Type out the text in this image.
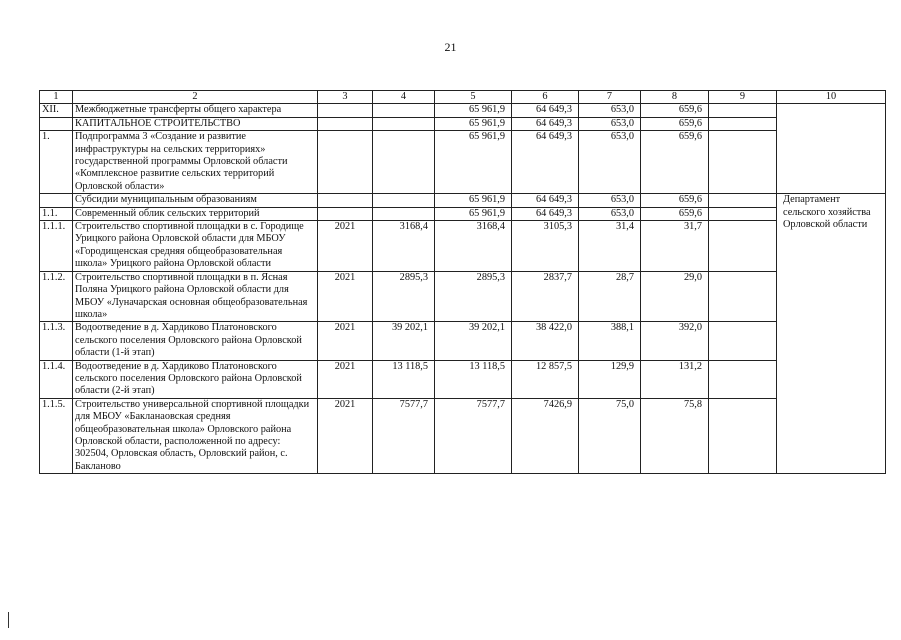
21
1	2	3	4	5	6	7	8	9	10
XII.	Межбюджетные трансферты общего характера			65 961,9	64 649,3	653,0	659,6		
	КАПИТАЛЬНОЕ СТРОИТЕЛЬСТВО			65 961,9	64 649,3	653,0	659,6		
1.	Подпрограмма 3 «Создание и развитие инфраструктуры на сельских территориях» государственной программы Орловской области «Комплексное развитие сельских территорий Орловской области»			65 961,9	64 649,3	653,0	659,6		
	Субсидии муниципальным образованиям			65 961,9	64 649,3	653,0	659,6		Департамент сельского хозяйства Орловской области
1.1.	Современный облик сельских территорий			65 961,9	64 649,3	653,0	659,6		
1.1.1.	Строительство спортивной площадки в с. Городище Урицкого района Орловской области для МБОУ «Городищенская средняя общеобразовательная школа» Урицкого района Орловской области	2021	3168,4	3168,4	3105,3	31,4	31,7		
1.1.2.	Строительство спортивной площадки в п. Ясная Поляна Урицкого района Орловской области для МБОУ «Луначарская основная общеобразовательная школа»	2021	2895,3	2895,3	2837,7	28,7	29,0		
1.1.3.	Водоотведение в д. Хардиково Платоновского сельского поселения Орловского района Орловской области (1-й этап)	2021	39 202,1	39 202,1	38 422,0	388,1	392,0		
1.1.4.	Водоотведение в д. Хардиково Платоновского сельского поселения Орловского района Орловской области (2-й этап)	2021	13 118,5	13 118,5	12 857,5	129,9	131,2		
1.1.5.	Строительство универсальной спортивной площадки для МБОУ «Бакланаовская средняя общеобразовательная школа» Орловского района Орловской области, расположенной по адресу: 302504, Орловская область, Орловский район, с. Бакланово	2021	7577,7	7577,7	7426,9	75,0	75,8		
